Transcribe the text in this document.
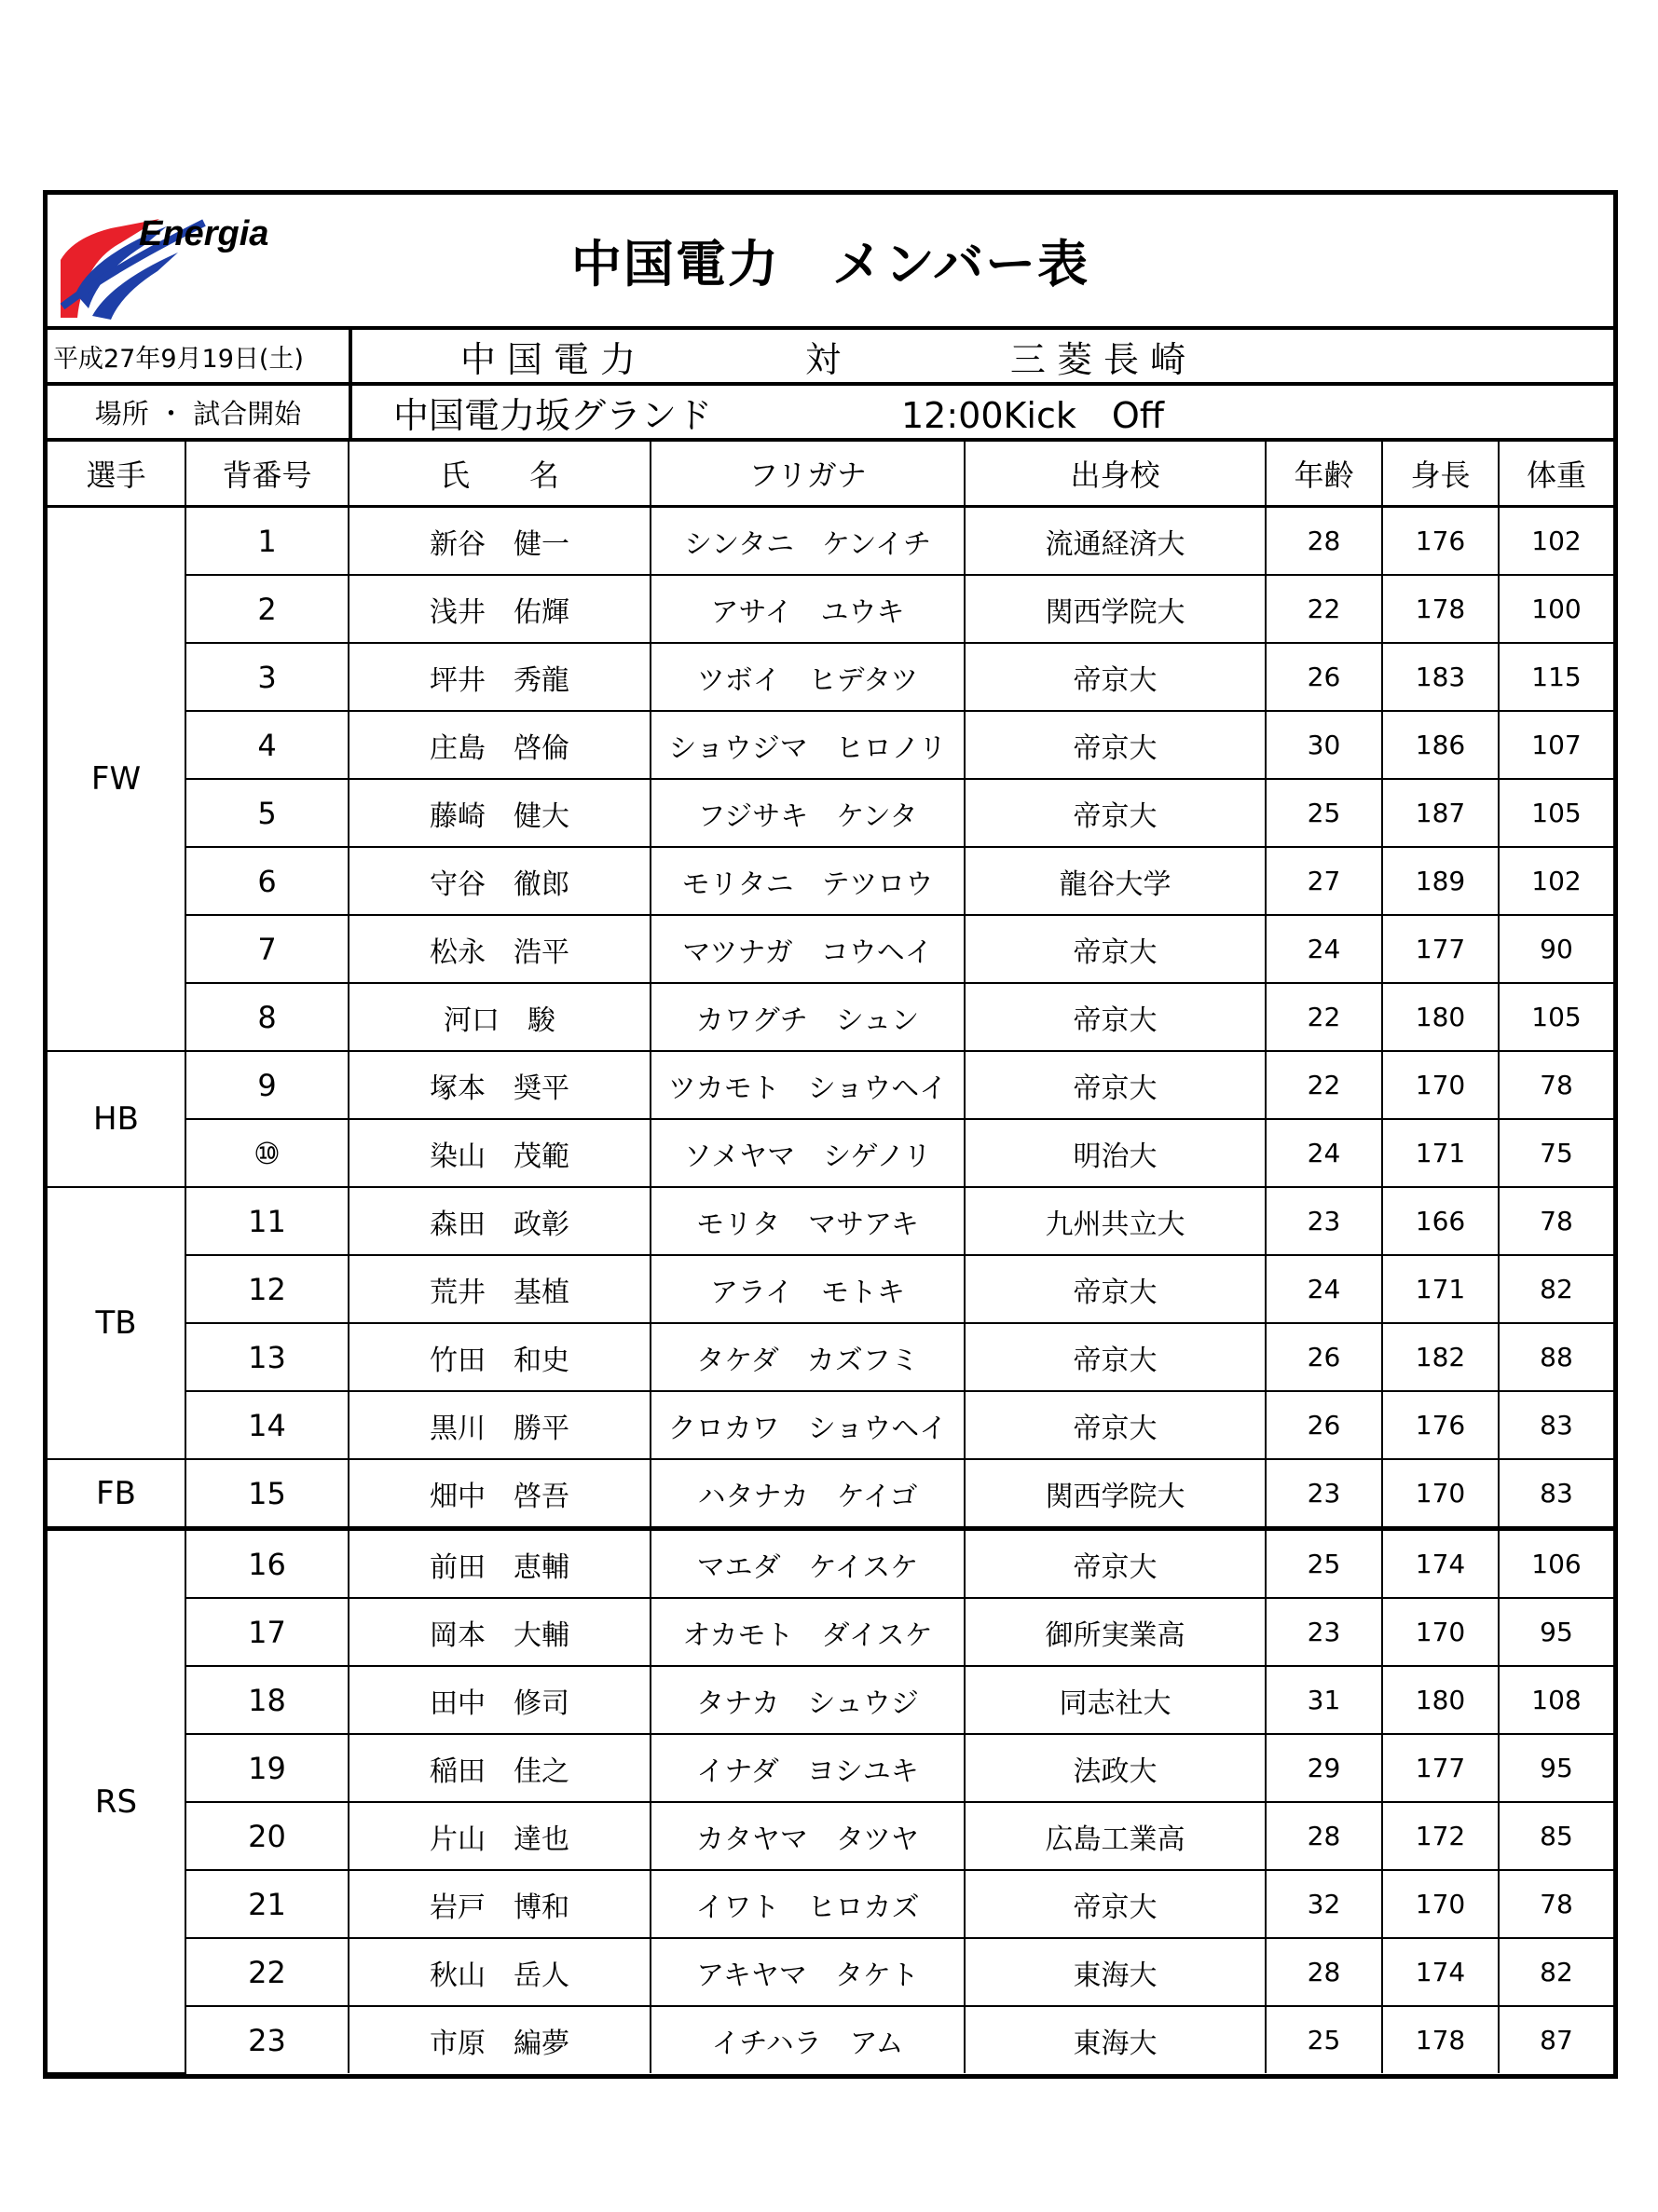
Energia
中国電力　メンバー表
平成27年9月19日(土)	中 国 電 力	対	三 菱 長 崎
場所 ・ 試合開始	中国電力坂グランド	12:00Kick　Off
選手	背番号	氏　　名	フリガナ	出身校	年齢	身長	体重
FW	1	新谷　健一	シンタニ　ケンイチ	流通経済大	28	176	102
	2	浅井　佑輝	アサイ　ユウキ	関西学院大	22	178	100
	3	坪井　秀龍	ツボイ　ヒデタツ	帝京大	26	183	115
	4	庄島　啓倫	ショウジマ　ヒロノリ	帝京大	30	186	107
	5	藤崎　健大	フジサキ　ケンタ	帝京大	25	187	105
	6	守谷　徹郎	モリタニ　テツロウ	龍谷大学	27	189	102
	7	松永　浩平	マツナガ　コウヘイ	帝京大	24	177	90
	8	河口　駿	カワグチ　シュン	帝京大	22	180	105
HB	9	塚本　奨平	ツカモト　ショウヘイ	帝京大	22	170	78
	⑩	染山　茂範	ソメヤマ　シゲノリ	明治大	24	171	75
TB	11	森田　政彰	モリタ　マサアキ	九州共立大	23	166	78
	12	荒井　基植	アライ　モトキ	帝京大	24	171	82
	13	竹田　和史	タケダ　カズフミ	帝京大	26	182	88
	14	黒川　勝平	クロカワ　ショウヘイ	帝京大	26	176	83
FB	15	畑中　啓吾	ハタナカ　ケイゴ	関西学院大	23	170	83
RS	16	前田　恵輔	マエダ　ケイスケ	帝京大	25	174	106
	17	岡本　大輔	オカモト　ダイスケ	御所実業高	23	170	95
	18	田中　修司	タナカ　シュウジ	同志社大	31	180	108
	19	稲田　佳之	イナダ　ヨシユキ	法政大	29	177	95
	20	片山　達也	カタヤマ　タツヤ	広島工業高	28	172	85
	21	岩戸　博和	イワト　ヒロカズ	帝京大	32	170	78
	22	秋山　岳人	アキヤマ　タケト	東海大	28	174	82
	23	市原　編夢	イチハラ　アム	東海大	25	178	87
